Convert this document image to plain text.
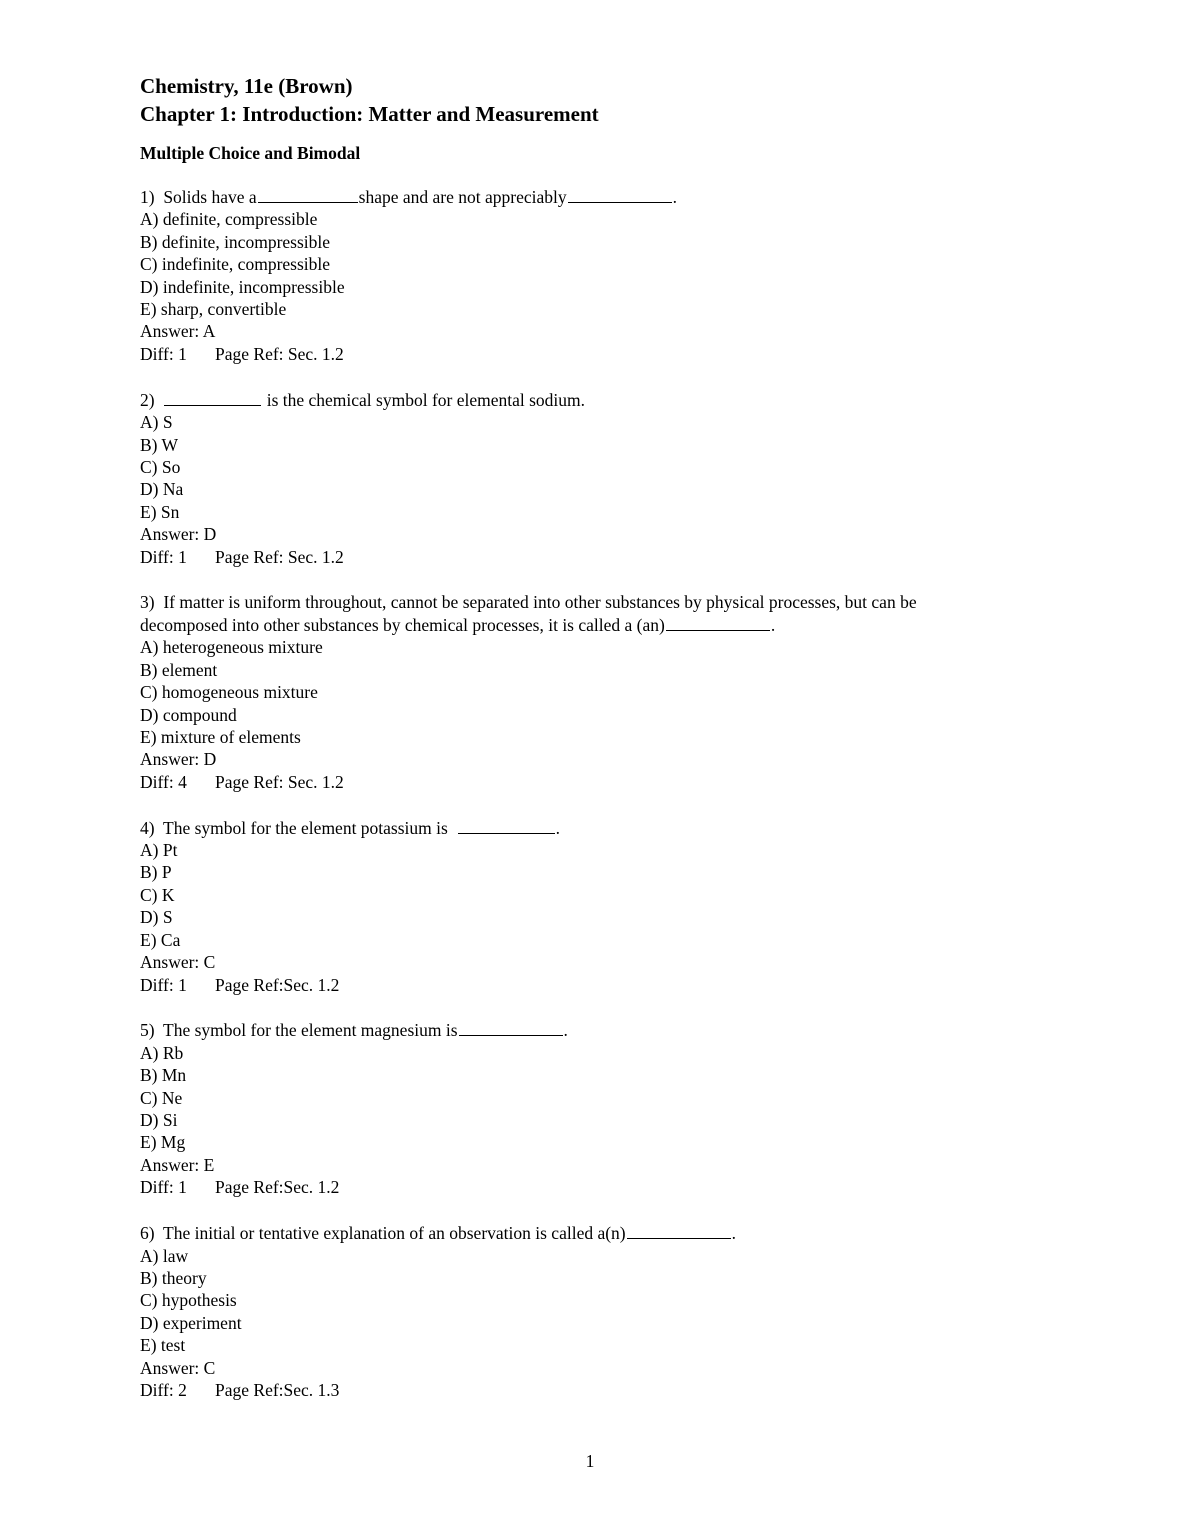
Chemistry, 11e (Brown)

Chapter 1: Introduction: Matter and Measurement

Multiple Choice and Bimodal

1) Solids have a	shape and are not appreciably	.

A) definite, compressible

B) definite, incompressible

C) indefinite, compressible

D) indefinite, incompressible

E) sharp, convertible

Answer: A

Diff: 1 Page Ref: Sec. 1.2

2)	is the chemical symbol for elemental sodium.

A) S

B) W

C) So

D) Na

E) Sn

Answer: D

Diff: 1 Page Ref: Sec. 1.2

3) If matter is uniform throughout, cannot be separated into other substances by physical processes, but can be

decomposed into other substances by chemical processes, it is called a (an)	.

A) heterogeneous mixture

B) element

C) homogeneous mixture

D) compound

E) mixture of elements

Answer: D

Diff: 4 Page Ref: Sec. 1.2

4) The symbol for the element potassium is	.

A) Pt

B) P

C) K

D) S

E) Ca

Answer: C

Diff: 1 Page Ref:Sec. 1.2

5) The symbol for the element magnesium is	.

A) Rb

B) Mn

C) Ne

D) Si

E) Mg

Answer: E

Diff: 1 Page Ref:Sec. 1.2

6) The initial or tentative explanation of an observation is called a(n)	.

A) law

B) theory

C) hypothesis

D) experiment

E) test

Answer: C

Diff: 2 Page Ref:Sec. 1.3

1
